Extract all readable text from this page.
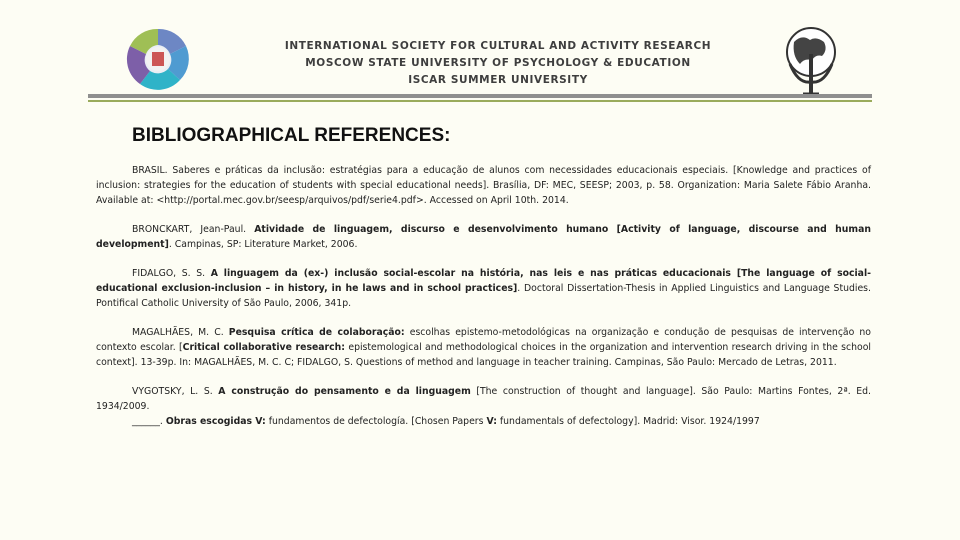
INTERNATIONAL SOCIETY FOR CULTURAL AND ACTIVITY RESEARCH
MOSCOW STATE UNIVERSITY OF PSYCHOLOGY & EDUCATION
ISCAR SUMMER UNIVERSITY
BIBLIOGRAPHICAL REFERENCES:

BRASIL. Saberes e práticas da inclusão: estratégias para a educação de alunos com necessidades educacionais especiais. [Knowledge and practices of inclusion: strategies for the education of students with special educational needs]. Brasília, DF: MEC, SEESP; 2003, p. 58. Organization: Maria Salete Fábio Aranha. Available at: <http://portal.mec.gov.br/seesp/arquivos/pdf/serie4.pdf>. Accessed on April 10th. 2014.

BRONCKART, Jean-Paul. Atividade de linguagem, discurso e desenvolvimento humano [Activity of language, discourse and human development]. Campinas, SP: Literature Market, 2006.

FIDALGO, S. S. A linguagem da (ex-) inclusão social-escolar na história, nas leis e nas práticas educacionais [The language of social-educational exclusion-inclusion – in history, in he laws and in school practices]. Doctoral Dissertation-Thesis in Applied Linguistics and Language Studies. Pontifical Catholic University of São Paulo, 2006, 341p.

MAGALHÃES, M. C. Pesquisa crítica de colaboração: escolhas epistemo-metodológicas na organização e condução de pesquisas de intervenção no contexto escolar. [Critical collaborative research: epistemological and methodological choices in the organization and intervention research driving in the school context]. 13-39p. In: MAGALHÃES, M. C. C; FIDALGO, S. Questions of method and language in teacher training. Campinas, São Paulo: Mercado de Letras, 2011.

VYGOTSKY, L. S. A construção do pensamento e da linguagem [The construction of thought and language]. São Paulo: Martins Fontes, 2ª. Ed. 1934/2009.

______. Obras escogidas V: fundamentos de defectología. [Chosen Papers V: fundamentals of defectology]. Madrid: Visor. 1924/1997
